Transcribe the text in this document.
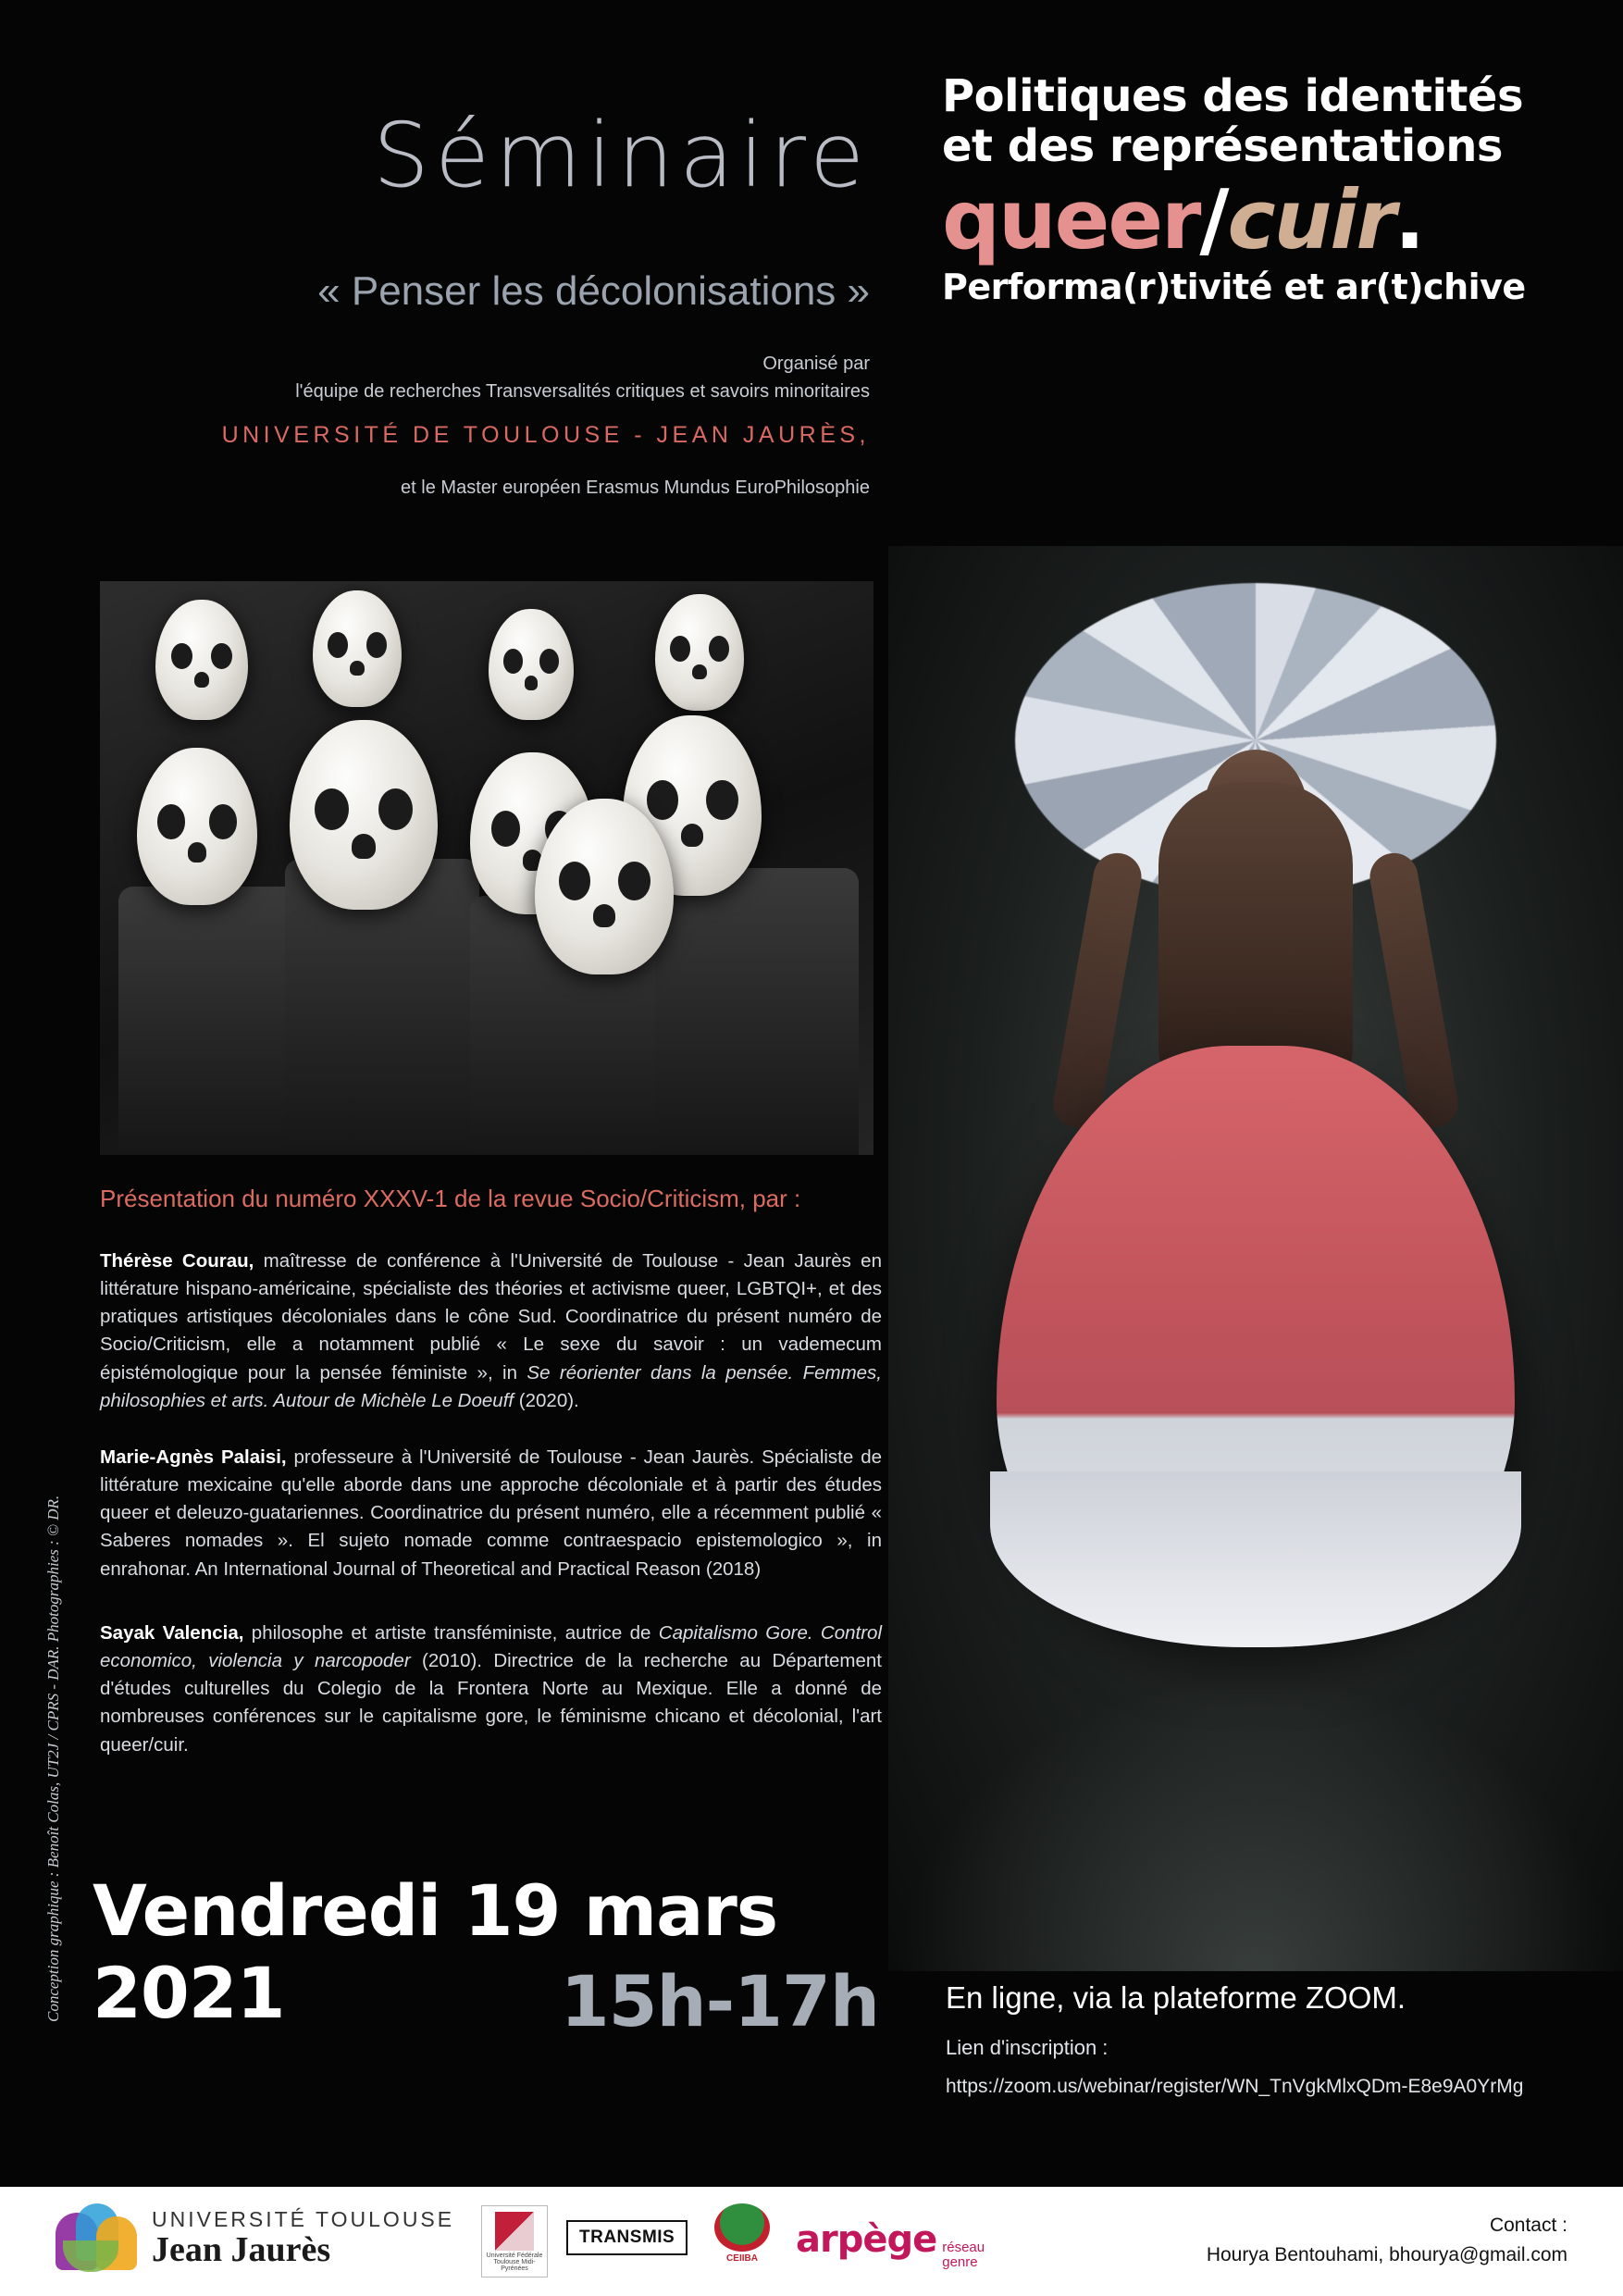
Séminaire
« Penser les décolonisations »
Organisé par
l'équipe de recherches Transversalités critiques et savoirs minoritaires
UNIVERSITÉ DE TOULOUSE - JEAN JAURÈS,
et le Master européen Erasmus Mundus EuroPhilosophie
Politiques des identités
et des représentations
queer/cuir.
Performa(r)tivité et ar(t)chive
Présentation du numéro XXXV-1 de la revue Socio/Criticism, par :
Thérèse Courau, maîtresse de conférence à l'Université de Toulouse - Jean Jaurès en littérature hispano-américaine, spécialiste des théories et activisme queer, LGBTQI+, et des pratiques artistiques décoloniales dans le cône Sud. Coordinatrice du présent numéro de Socio/Criticism, elle a notamment publié « Le sexe du savoir : un vademecum épistémologique pour la pensée féministe », in Se réorienter dans la pensée. Femmes, philosophies et arts. Autour de Michèle Le Doeuff (2020).
Marie-Agnès Palaisi, professeure à l'Université de Toulouse - Jean Jaurès. Spécialiste de littérature mexicaine qu'elle aborde dans une approche décoloniale et à partir des études queer et deleuzo-guatariennes. Coordinatrice du présent numéro, elle a récemment publié « Saberes nomades ». El sujeto nomade comme contraespacio epistemologico », in enrahonar. An International Journal of Theoretical and Practical Reason (2018)
Sayak Valencia, philosophe et artiste transféministe, autrice de Capitalismo Gore. Control economico, violencia y narcopoder (2010). Directrice de la recherche au Département d'études culturelles du Colegio de la Frontera Norte au Mexique. Elle a donné de nombreuses conférences sur le capitalisme gore, le féminisme chicano et décolonial, l'art queer/cuir.
Vendredi 19 mars 2021	15h-17h En ligne, via la plateforme ZOOM.
Lien d'inscription :
https://zoom.us/webinar/register/WN_TnVgkMlxQDm-E8e9A0YrMg
Conception graphique : Benoît Colas, UT2J / CPRS - DAR. Photographies : © DR.
UNIVERSITÉ TOULOUSE
Jean Jaurès	Université Fédérale Toulouse Midi-Pyrénées
TRANSMIS
CEIIBA	arpège réseau
genre
Contact :
Hourya Bentouhami, bhourya@gmail.com
